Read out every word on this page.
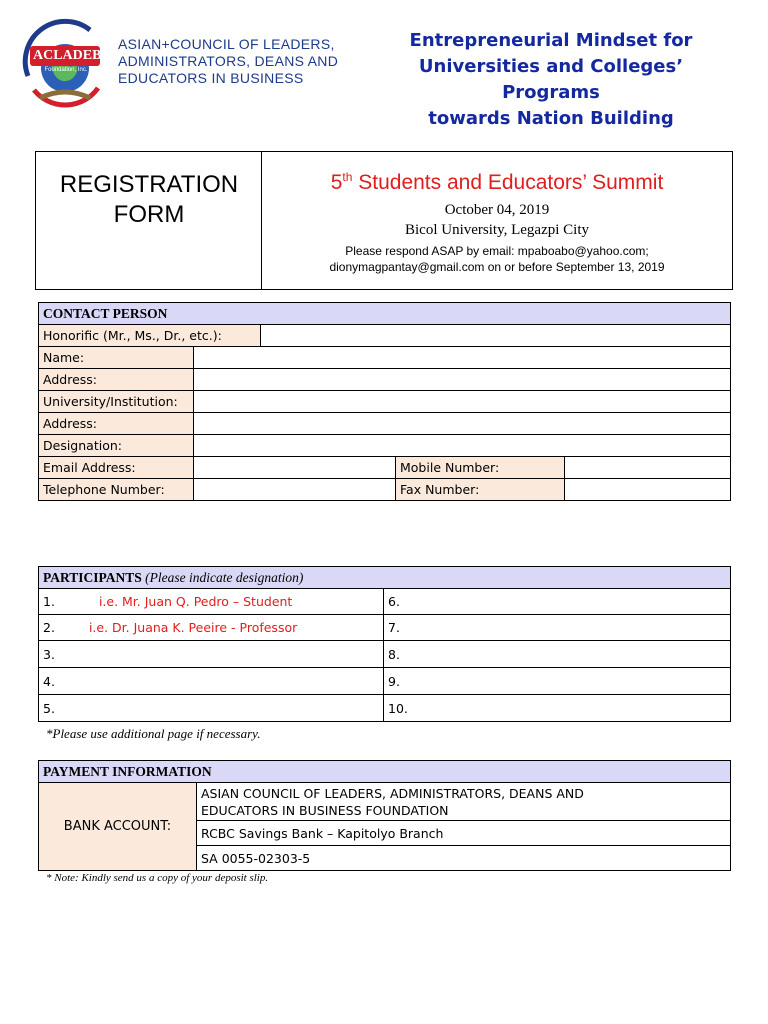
ACLADEB
Foundation, Inc.
ASIAN+COUNCIL OF LEADERS,
ADMINISTRATORS, DEANS AND
EDUCATORS IN BUSINESS
Entrepreneurial Mindset for
Universities and Colleges’ Programs
towards Nation Building
REGISTRATION
FORM
5th Students and Educators’ Summit
October 04, 2019
Bicol University, Legazpi City
Please respond ASAP by email: mpaboabo@yahoo.com;
dionymagpantay@gmail.com on or before September 13, 2019
CONTACT PERSON				
Honorific (Mr., Ms., Dr., etc.):				
Name:				
Address:				
University/Institution:				
Address:				
Designation:				
Email Address:			Mobile Number:	
Telephone Number:			Fax Number:	
PARTICIPANTS (Please indicate designation)	
1. i.e. Mr. Juan Q. Pedro – Student	6.
2. i.e. Dr. Juana K. Peeire - Professor	7.
3.	8.
4.	9.
5.	10.
*Please use additional page if necessary.
PAYMENT INFORMATION
BANK ACCOUNT:	
ASIAN COUNCIL OF LEADERS, ADMINISTRATORS, DEANS AND
EDUCATORS IN BUSINESS FOUNDATION

RCBC Savings Bank – Kapitolyo Branch
SA 0055-02303-5
* Note: Kindly send us a copy of your deposit slip.
